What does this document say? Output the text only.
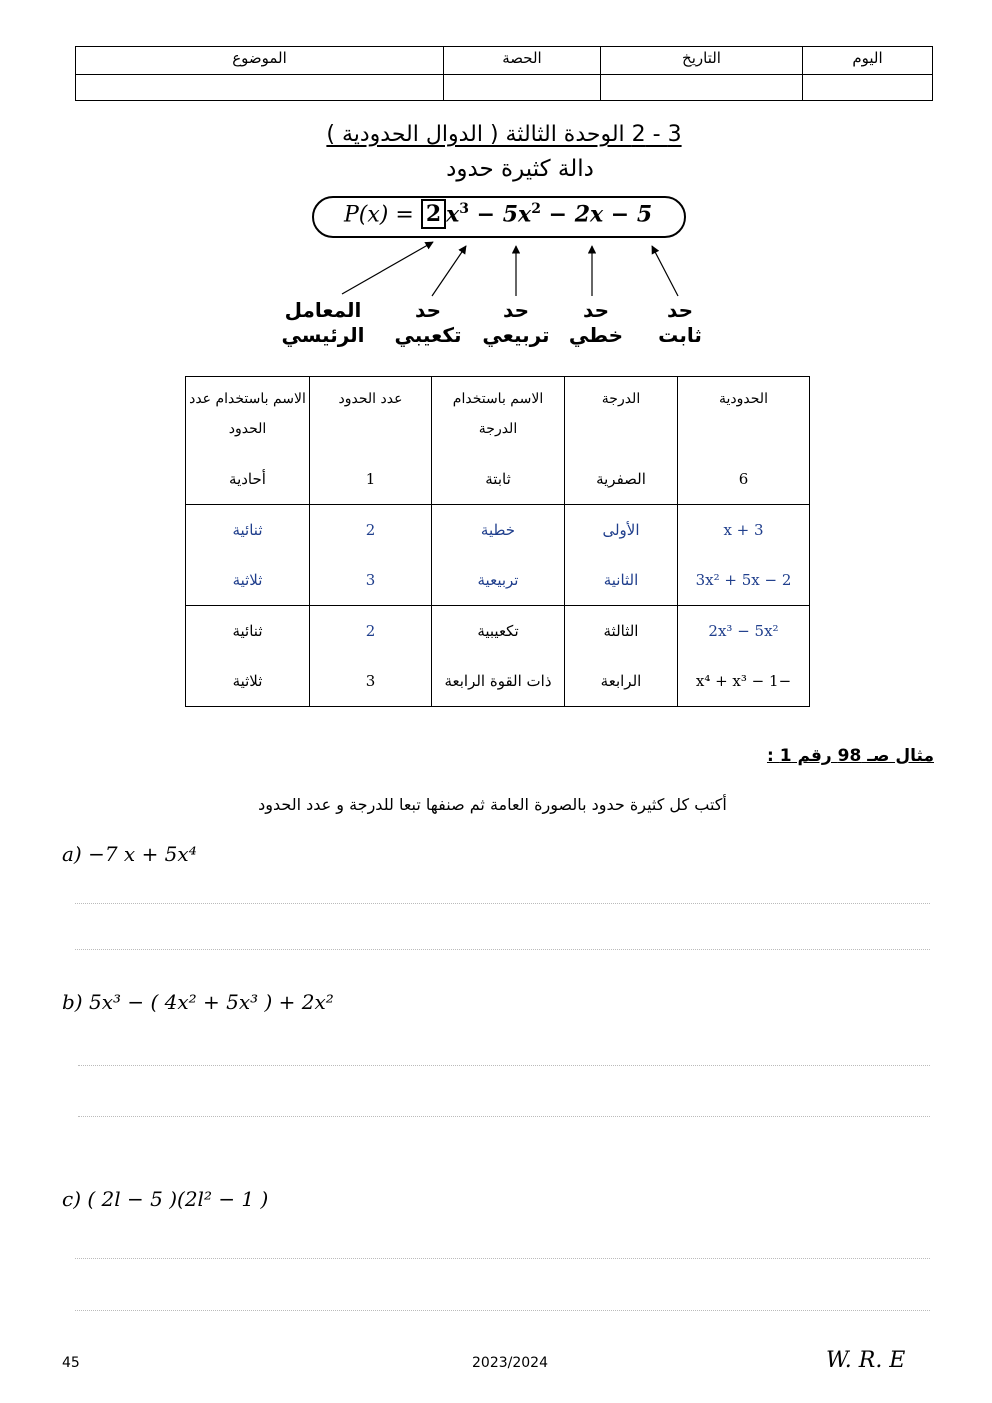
الموضوع	الحصة	التاريخ	اليوم

3 - 2 الوحدة الثالثة ( الدوال الحدودية )
دالة كثيرة حدود
P(x) = 2 $x^3 - 5x^2 - 2x - 5$
حد
ثابت
حد
خطي
حد
تربيعي
حد
تكعيبي
المعامل
الرئيسي
الحدودية	الدرجة	الاسم باستخدام الدرجة	عدد الحدود	الاسم باستخدام عدد الحدود
6	الصفرية	ثابتة	1	أحادية
x + 3	الأولى	خطية	2	ثنائية
3x² + 5x − 2	الثانية	تربيعية	3	ثلاثية
2x³ − 5x²	الثالثة	تكعيبية	2	ثنائية
−x⁴ + x³ − 1	الرابعة	ذات القوة الرابعة	3	ثلاثية
مثال صـ 98 رقم 1 :
أكتب كل كثيرة حدود بالصورة العامة ثم صنفها تبعا للدرجة و عدد الحدود
a) −7 x + 5x⁴
b) 5x³ − ( 4x² + 5x³ ) + 2x²
c) ( 2l − 5 )(2l² − 1 )
45	2023/2024	W. R. E
